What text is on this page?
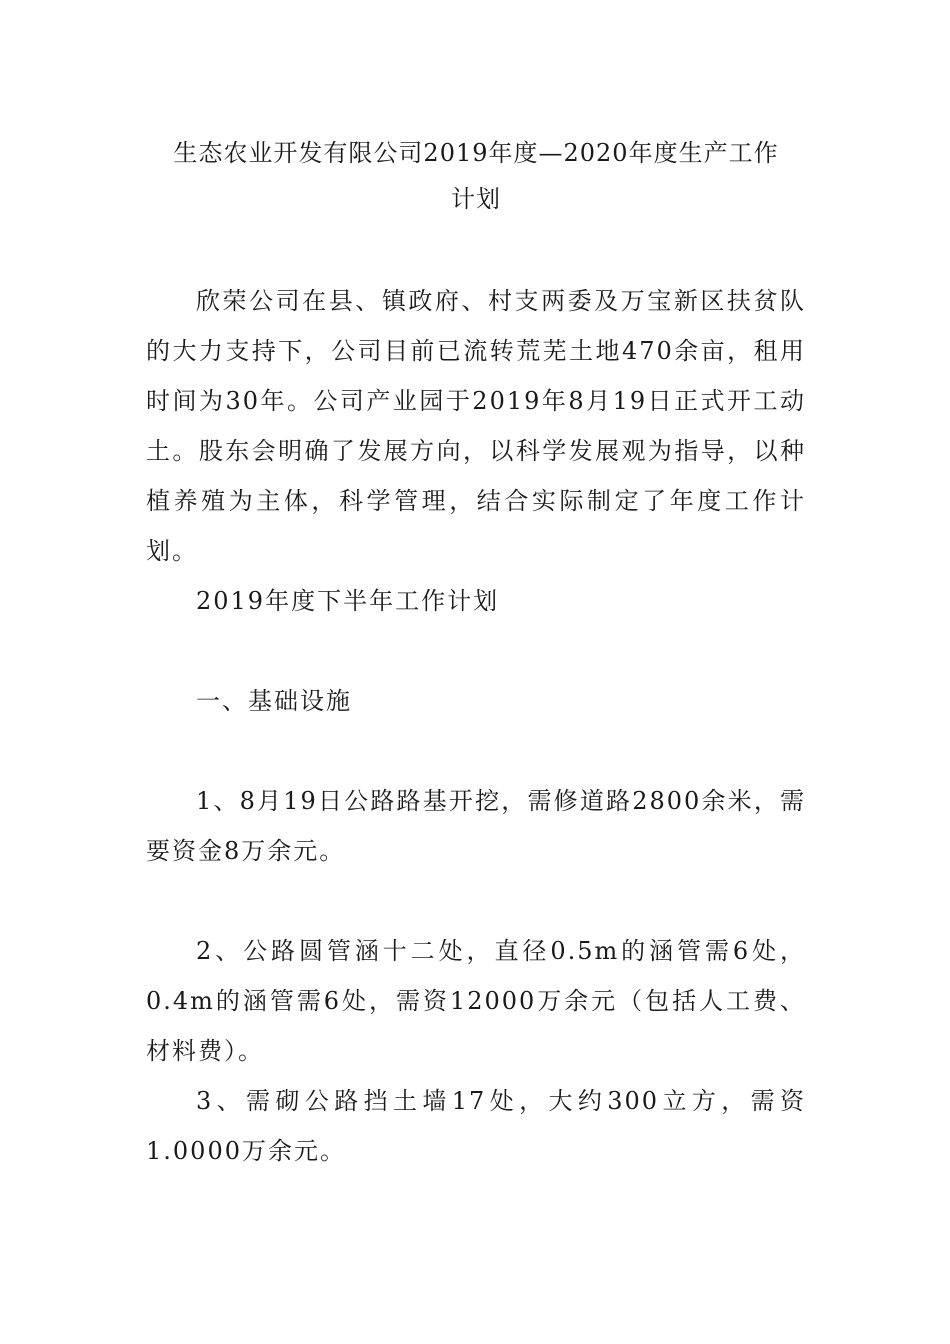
生态农业开发有限公司2019年度—2020年度生产工作
计划

欣荣公司在县、镇政府、村支两委及万宝新区扶贫队的大力支持下，公司目前已流转荒芜土地470余亩，租用时间为30年。公司产业园于2019年8月19日正式开工动土。股东会明确了发展方向，以科学发展观为指导，以种植养殖为主体，科学管理，结合实际制定了年度工作计划。

2019年度下半年工作计划

一、基础设施

1、8月19日公路路基开挖，需修道路2800余米，需要资金8万余元。

2、公路圆管涵十二处，直径0.5m的涵管需6处，0.4m的涵管需6处，需资12000万余元（包括人工费、材料费）。

3、需砌公路挡土墙17处，大约300立方，需资1.0000万余元。
